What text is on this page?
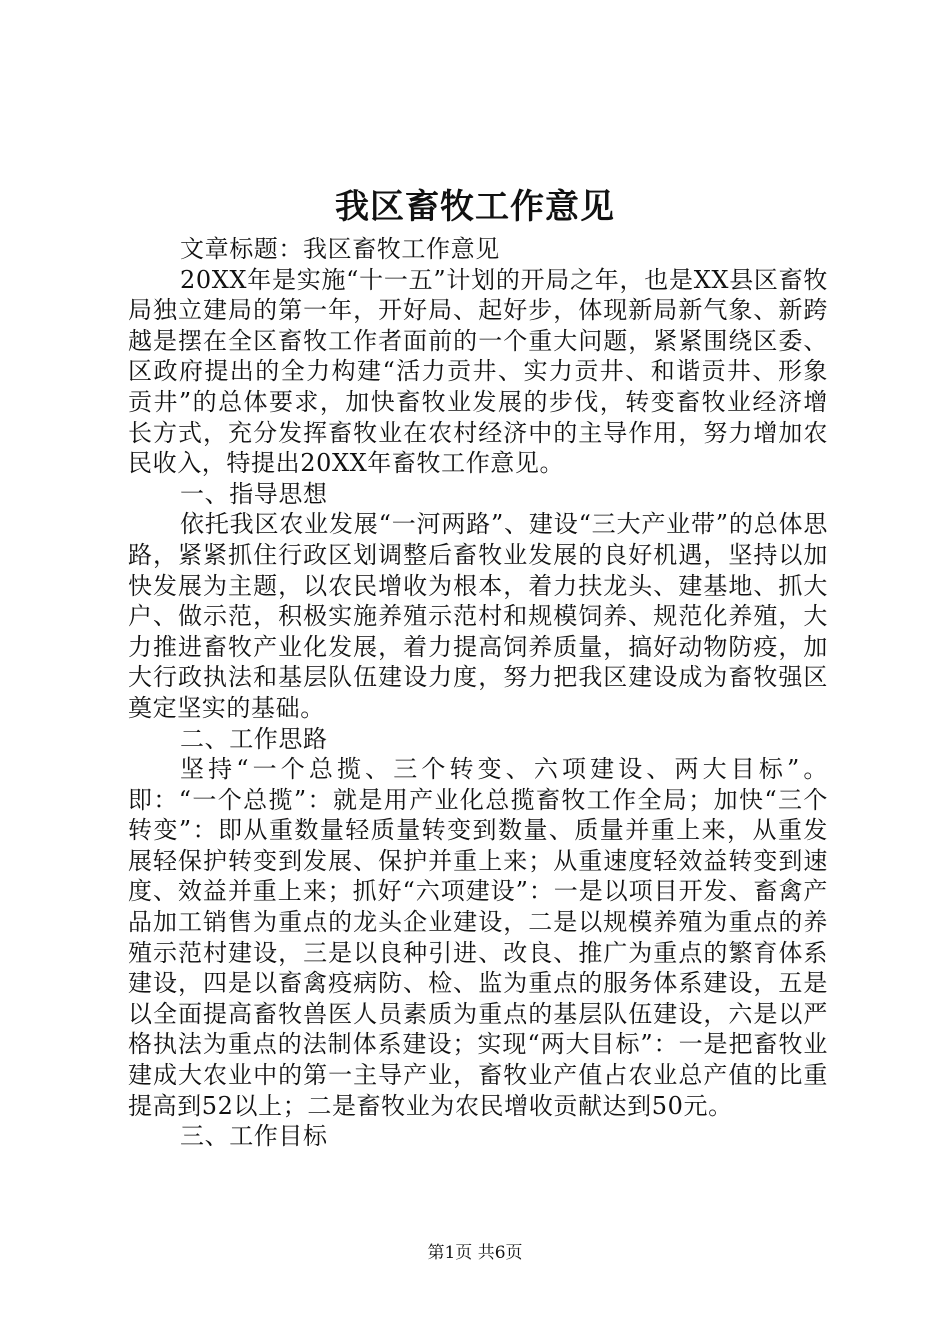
我区畜牧工作意见

文章标题：我区畜牧工作意见

20XX年是实施“十一五”计划的开局之年，也是XX县区畜牧局独立建局的第一年，开好局、起好步，体现新局新气象、新跨越是摆在全区畜牧工作者面前的一个重大问题，紧紧围绕区委、区政府提出的全力构建“活力贡井、实力贡井、和谐贡井、形象贡井”的总体要求，加快畜牧业发展的步伐，转变畜牧业经济增长方式，充分发挥畜牧业在农村经济中的主导作用，努力增加农民收入，特提出20XX年畜牧工作意见。

一、指导思想

依托我区农业发展“一河两路”、建设“三大产业带”的总体思路，紧紧抓住行政区划调整后畜牧业发展的良好机遇，坚持以加快发展为主题，以农民增收为根本，着力扶龙头、建基地、抓大户、做示范，积极实施养殖示范村和规模饲养、规范化养殖，大力推进畜牧产业化发展，着力提高饲养质量，搞好动物防疫，加大行政执法和基层队伍建设力度，努力把我区建设成为畜牧强区奠定坚实的基础。

二、工作思路

坚持“一个总揽、三个转变、六项建设、两大目标”。即：“一个总揽”：就是用产业化总揽畜牧工作全局；加快“三个转变”：即从重数量轻质量转变到数量、质量并重上来，从重发展轻保护转变到发展、保护并重上来；从重速度轻效益转变到速度、效益并重上来；抓好“六项建设”：一是以项目开发、畜禽产品加工销售为重点的龙头企业建设，二是以规模养殖为重点的养殖示范村建设，三是以良种引进、改良、推广为重点的繁育体系建设，四是以畜禽疫病防、检、监为重点的服务体系建设，五是以全面提高畜牧兽医人员素质为重点的基层队伍建设，六是以严格执法为重点的法制体系建设；实现“两大目标”：一是把畜牧业建成大农业中的第一主导产业，畜牧业产值占农业总产值的比重提高到52以上；二是畜牧业为农民增收贡献达到50元。

三、工作目标

第1页 共6页
